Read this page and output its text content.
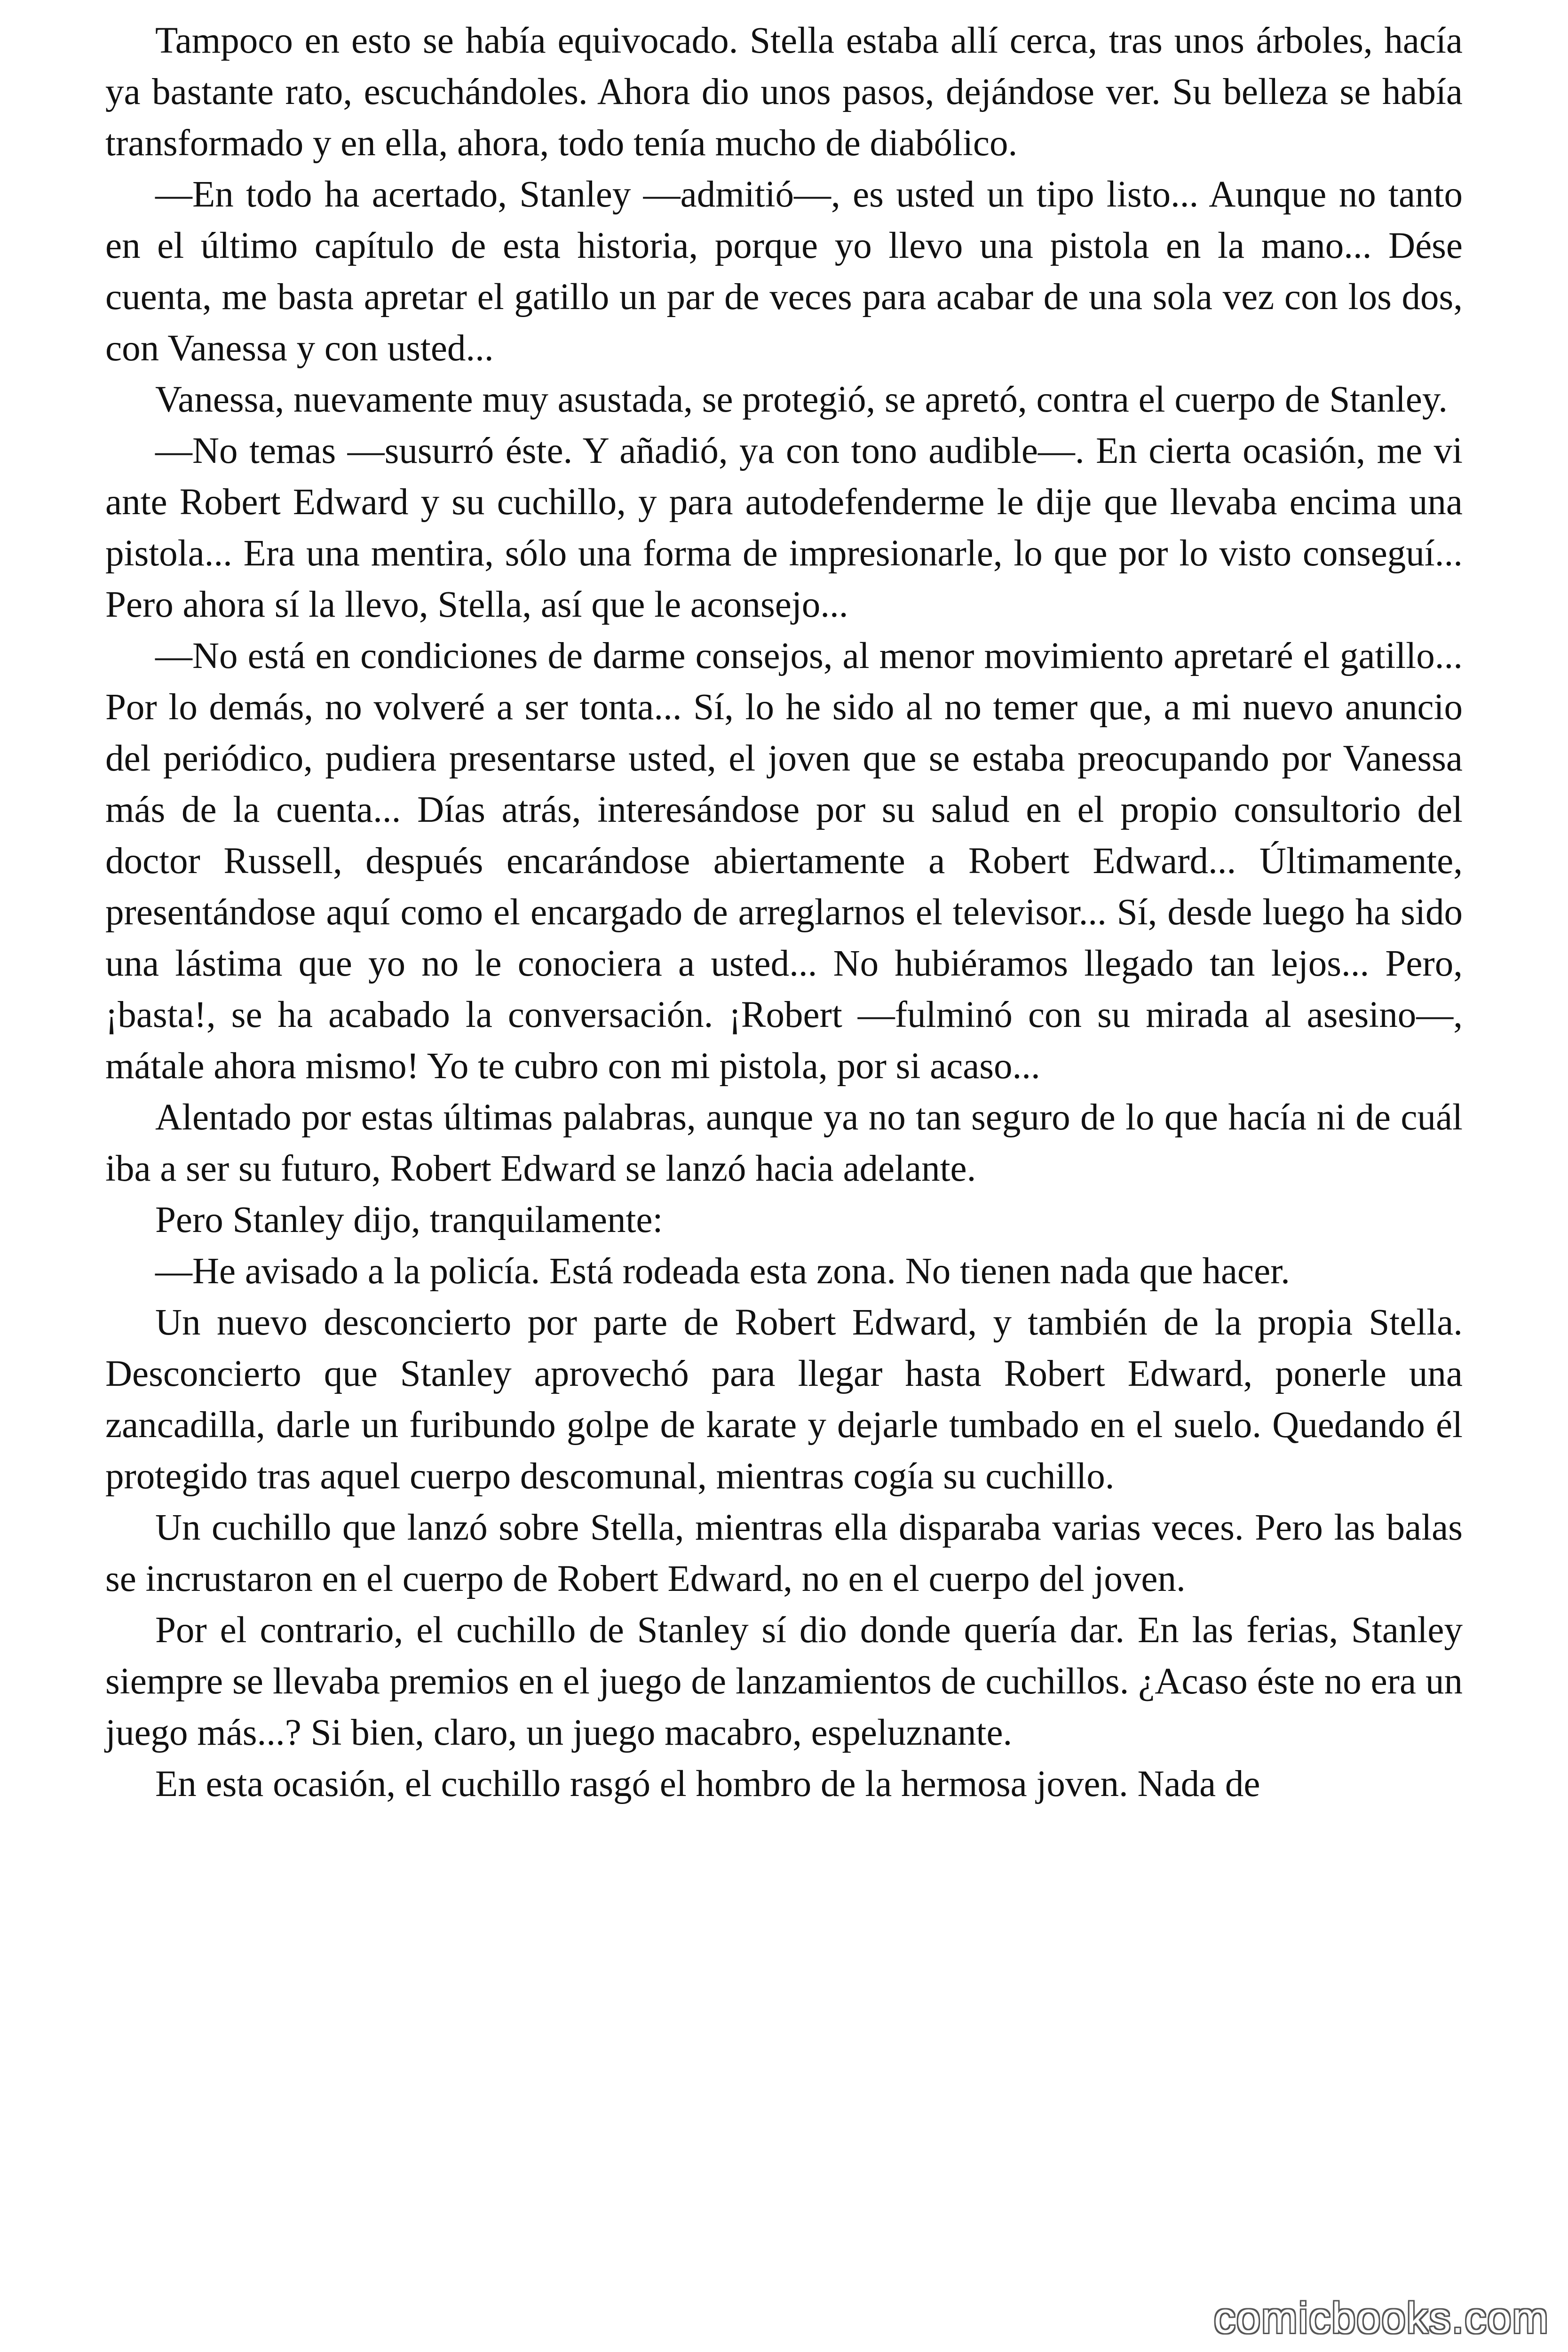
Tampoco en esto se había equivocado. Stella estaba allí cerca, tras unos árboles, hacía ya bastante rato, escuchándoles. Ahora dio unos pasos, dejándose ver. Su belleza se había transformado y en ella, ahora, todo tenía mucho de diabólico.

—En todo ha acertado, Stanley —admitió—, es usted un tipo listo... Aunque no tanto en el último capítulo de esta historia, porque yo llevo una pistola en la mano... Dése cuenta, me basta apretar el gatillo un par de veces para acabar de una sola vez con los dos, con Vanessa y con usted...

Vanessa, nuevamente muy asustada, se protegió, se apretó, contra el cuerpo de Stanley.

—No temas —susurró éste. Y añadió, ya con tono audible—. En cierta ocasión, me vi ante Robert Edward y su cuchillo, y para autodefenderme le dije que llevaba encima una pistola... Era una mentira, sólo una forma de impresionarle, lo que por lo visto conseguí... Pero ahora sí la llevo, Stella, así que le aconsejo...

—No está en condiciones de darme consejos, al menor movimiento apretaré el gatillo... Por lo demás, no volveré a ser tonta... Sí, lo he sido al no temer que, a mi nuevo anuncio del periódico, pudiera presentarse usted, el joven que se estaba preocupando por Vanessa más de la cuenta... Días atrás, interesándose por su salud en el propio consultorio del doctor Russell, después encarándose abiertamente a Robert Edward... Últimamente, presentándose aquí como el encargado de arreglarnos el televisor... Sí, desde luego ha sido una lástima que yo no le conociera a usted... No hubiéramos llegado tan lejos... Pero, ¡basta!, se ha acabado la conversación. ¡Robert —fulminó con su mirada al asesino—, mátale ahora mismo! Yo te cubro con mi pistola, por si acaso...

Alentado por estas últimas palabras, aunque ya no tan seguro de lo que hacía ni de cuál iba a ser su futuro, Robert Edward se lanzó hacia adelante.

Pero Stanley dijo, tranquilamente:

—He avisado a la policía. Está rodeada esta zona. No tienen nada que hacer.

Un nuevo desconcierto por parte de Robert Edward, y también de la propia Stella. Desconcierto que Stanley aprovechó para llegar hasta Robert Edward, ponerle una zancadilla, darle un furibundo golpe de karate y dejarle tumbado en el suelo. Quedando él protegido tras aquel cuerpo descomunal, mientras cogía su cuchillo.

Un cuchillo que lanzó sobre Stella, mientras ella disparaba varias veces. Pero las balas se incrustaron en el cuerpo de Robert Edward, no en el cuerpo del joven.

Por el contrario, el cuchillo de Stanley sí dio donde quería dar. En las ferias, Stanley siempre se llevaba premios en el juego de lanzamientos de cuchillos. ¿Acaso éste no era un juego más...? Si bien, claro, un juego macabro, espeluznante.

En esta ocasión, el cuchillo rasgó el hombro de la hermosa joven. Nada de

comicbooks.com
